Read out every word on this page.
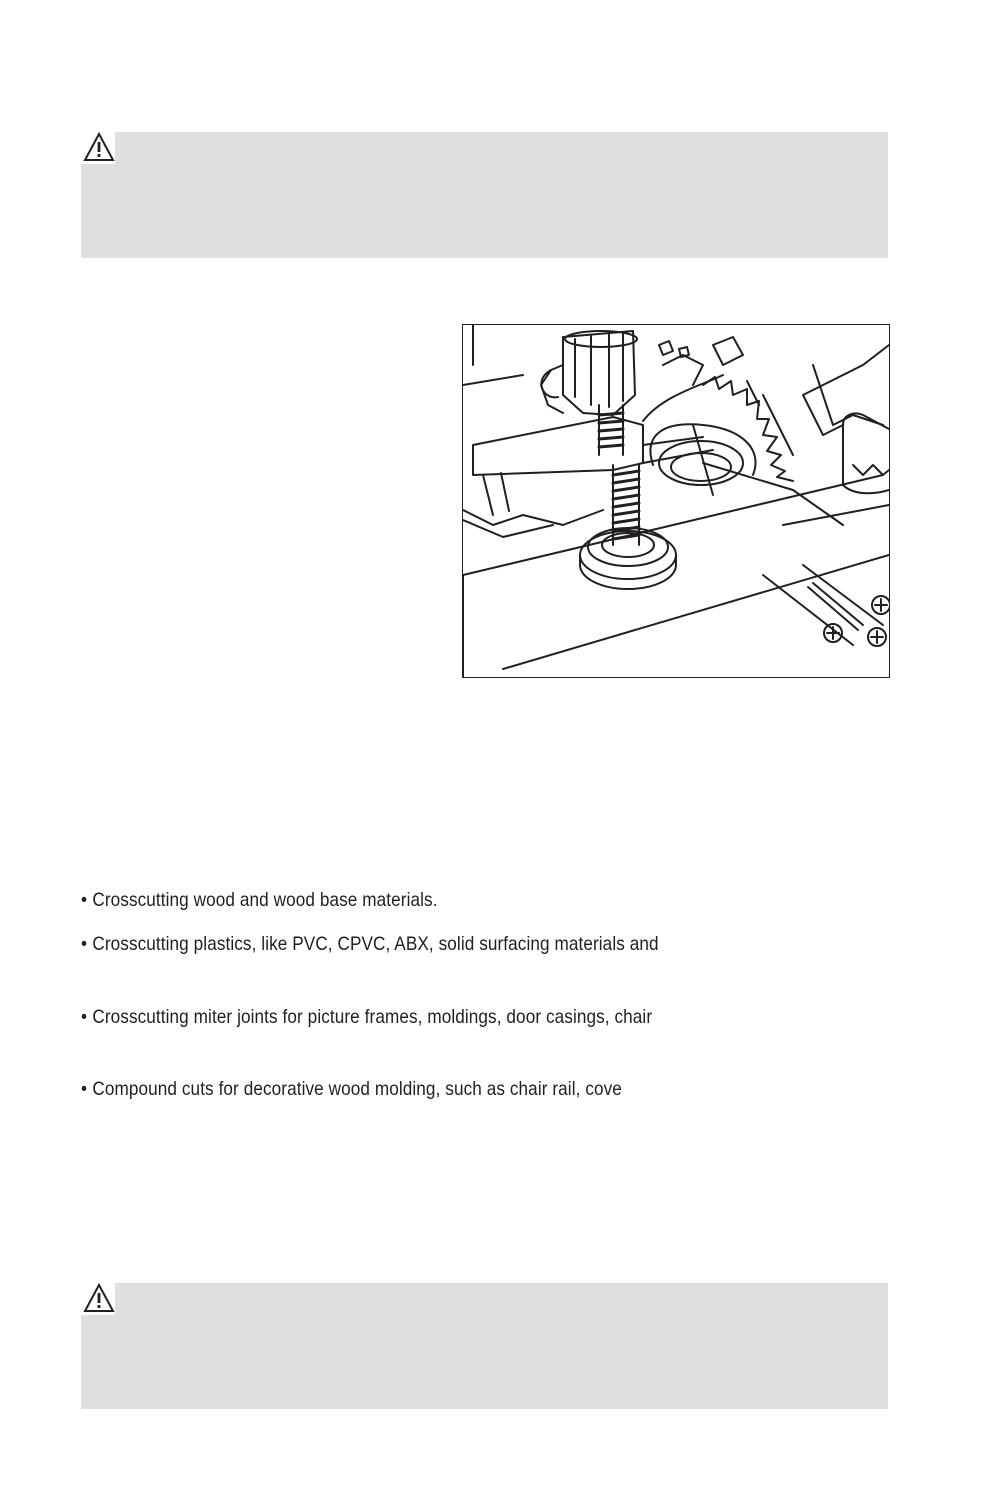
• Crosscutting wood and wood base materials.
• Crosscutting plastics, like PVC, CPVC, ABX, solid surfacing materials and
• Crosscutting miter joints for picture frames, moldings, door casings, chair
• Compound cuts for decorative wood molding, such as chair rail, cove
